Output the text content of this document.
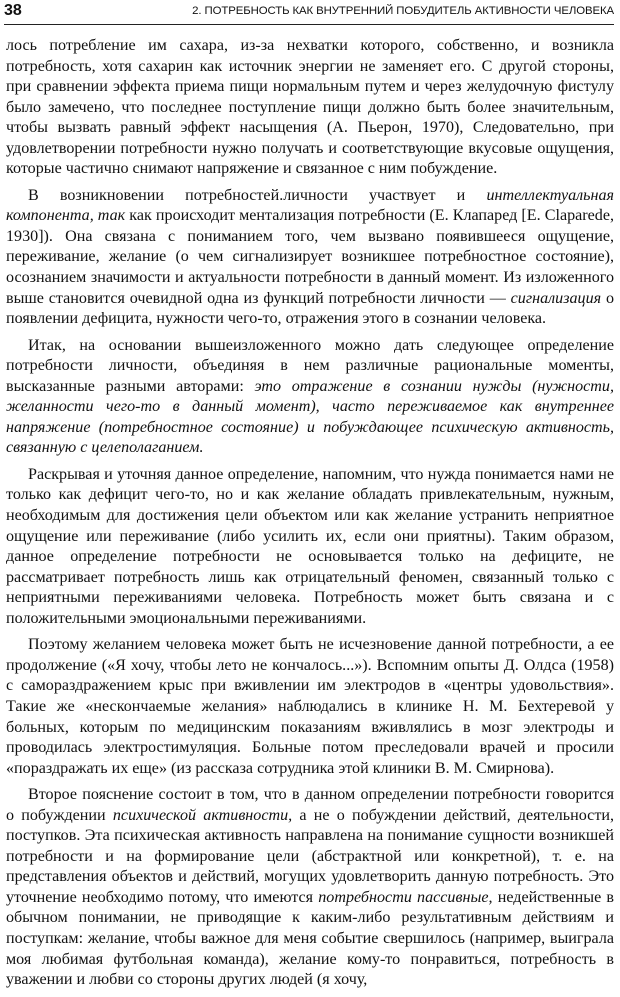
38	2. ПОТРЕБНОСТЬ КАК ВНУТРЕННИЙ ПОБУДИТЕЛЬ АКТИВНОСТИ ЧЕЛОВЕКА

лось потребление им сахара, из-за нехватки которого, собственно, и возникла потребность, хотя сахарин как источник энергии не заменяет его. С другой стороны, при сравнении эффекта приема пищи нормальным путем и через желудочную фистулу было замечено, что последнее поступление пищи должно быть более значительным, чтобы вызвать равный эффект насыщения (А. Пьерон, 1970), Следовательно, при удовлетворении потребности нужно получать и соответствующие вкусовые ощущения, которые частично снимают напряжение и связанное с ним побуждение.

В возникновении потребностей.личности участвует и интеллектуальная компонента, так как происходит ментализация потребности (Е. Клапаред [E. Claparede, 1930]). Она связана с пониманием того, чем вызвано появившееся ощущение, переживание, желание (о чем сигнализирует возникшее потребностное состояние), осознанием значимости и актуальности потребности в данный момент. Из изложенного выше становится очевидной одна из функций потребности личности — сигнализация о появлении дефицита, нужности чего-то, отражения этого в сознании человека.

Итак, на основании вышеизложенного можно дать следующее определение потребности личности, объединяя в нем различные рациональные моменты, высказанные разными авторами: это отражение в сознании нужды (нужности, желанности чего-то в данный момент), часто переживаемое как внутреннее напряжение (потребностное состояние) и побуждающее психическую активность, связанную с целеполаганием.

Раскрывая и уточняя данное определение, напомним, что нужда понимается нами не только как дефицит чего-то, но и как желание обладать привлекательным, нужным, необходимым для достижения цели объектом или как желание устранить неприятное ощущение или переживание (либо усилить их, если они приятны). Таким образом, данное определение потребности не основывается только на дефиците, не рассматривает потребность лишь как отрицательный феномен, связанный только с неприятными переживаниями человека. Потребность может быть связана и с положительными эмоциональными переживаниями.

Поэтому желанием человека может быть не исчезновение данной потребности, а ее продолжение («Я хочу, чтобы лето не кончалось...»). Вспомним опыты Д. Олдса (1958) с самораздражением крыс при вживлении им электродов в «центры удовольствия». Такие же «нескончаемые желания» наблюдались в клинике Н. М. Бехтеревой у больных, которым по медицинским показаниям вживлялись в мозг электроды и проводилась электростимуляция. Больные потом преследовали врачей и просили «пораздражать их еще» (из рассказа сотрудника этой клиники В. М. Смирнова).

Второе пояснение состоит в том, что в данном определении потребности говорится о побуждении психической активности, а не о побуждении действий, деятельности, поступков. Эта психическая активность направлена на понимание сущности возникшей потребности и на формирование цели (абстрактной или конкретной), т. е. на представления объектов и действий, могущих удовлетворить данную потребность. Это уточнение необходимо потому, что имеются потребности пассивные, недейственные в обычном понимании, не приводящие к каким-либо результативным действиям и поступкам: желание, чтобы важное для меня событие свершилось (например, выиграла моя любимая футбольная команда), желание кому-то понравиться, потребность в уважении и любви со стороны других людей (я хочу,
